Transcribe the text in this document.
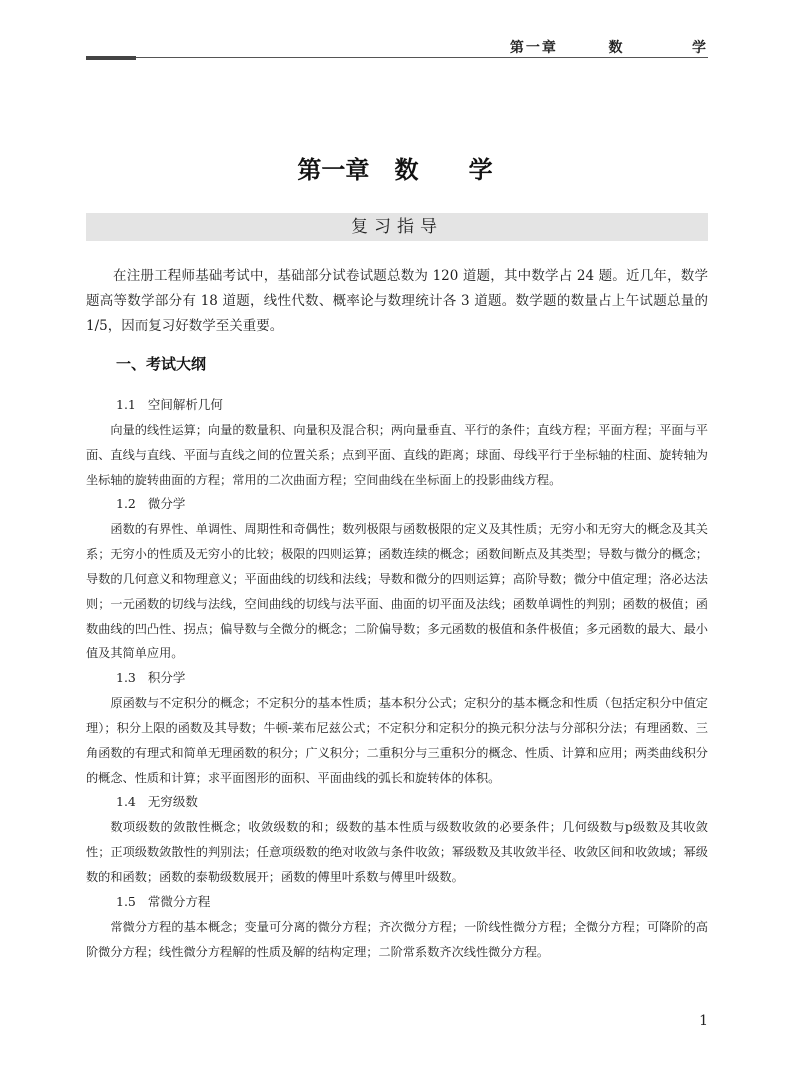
第一章   数    学
第一章   数      学
复习指导

在注册工程师基础考试中，基础部分试卷试题总数为 120 道题，其中数学占 24 题。近几年，数学题高等数学部分有 18 道题，线性代数、概率论与数理统计各 3 道题。数学题的数量占上午试题总量的 1/5，因而复习好数学至关重要。

一、考试大纲
1.1 空间解析几何

向量的线性运算；向量的数量积、向量积及混合积；两向量垂直、平行的条件；直线方程；平面方程；平面与平面、直线与直线、平面与直线之间的位置关系；点到平面、直线的距离；球面、母线平行于坐标轴的柱面、旋转轴为坐标轴的旋转曲面的方程；常用的二次曲面方程；空间曲线在坐标面上的投影曲线方程。

1.2 微分学

函数的有界性、单调性、周期性和奇偶性；数列极限与函数极限的定义及其性质；无穷小和无穷大的概念及其关系；无穷小的性质及无穷小的比较；极限的四则运算；函数连续的概念；函数间断点及其类型；导数与微分的概念；导数的几何意义和物理意义；平面曲线的切线和法线；导数和微分的四则运算；高阶导数；微分中值定理；洛必达法则；一元函数的切线与法线，空间曲线的切线与法平面、曲面的切平面及法线；函数单调性的判别；函数的极值；函数曲线的凹凸性、拐点；偏导数与全微分的概念；二阶偏导数；多元函数的极值和条件极值；多元函数的最大、最小值及其简单应用。

1.3 积分学

原函数与不定积分的概念；不定积分的基本性质；基本积分公式；定积分的基本概念和性质（包括定积分中值定理）；积分上限的函数及其导数；牛顿-莱布尼兹公式；不定积分和定积分的换元积分法与分部积分法；有理函数、三角函数的有理式和简单无理函数的积分；广义积分；二重积分与三重积分的概念、性质、计算和应用；两类曲线积分的概念、性质和计算；求平面图形的面积、平面曲线的弧长和旋转体的体积。

1.4 无穷级数

数项级数的敛散性概念；收敛级数的和；级数的基本性质与级数收敛的必要条件；几何级数与p级数及其收敛性；正项级数敛散性的判别法；任意项级数的绝对收敛与条件收敛；幂级数及其收敛半径、收敛区间和收敛域；幂级数的和函数；函数的泰勒级数展开；函数的傅里叶系数与傅里叶级数。

1.5 常微分方程

常微分方程的基本概念；变量可分离的微分方程；齐次微分方程；一阶线性微分方程；全微分方程；可降阶的高阶微分方程；线性微分方程解的性质及解的结构定理；二阶常系数齐次线性微分方程。

1
